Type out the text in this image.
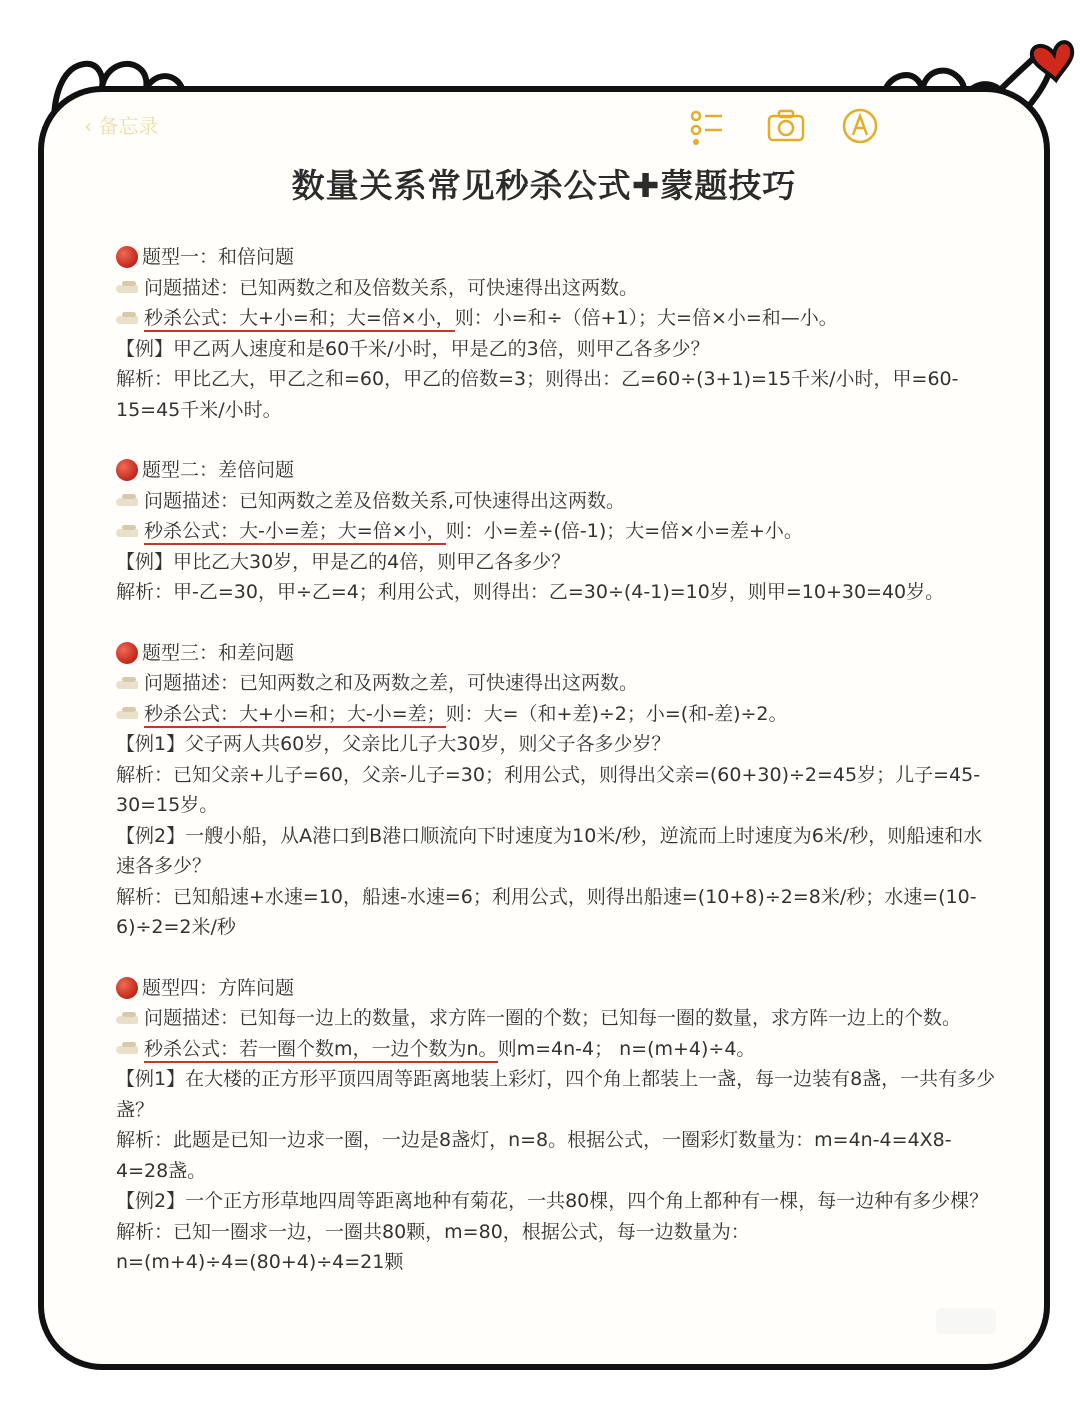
‹ 备忘录
数量关系常见秒杀公式✚蒙题技巧

题型一：和倍问题

问题描述：已知两数之和及倍数关系，可快速得出这两数。

秒杀公式：大+小=和；大=倍×小，则：小=和÷（倍+1）；大=倍×小=和—小。

【例】甲乙两人速度和是60千米/小时，甲是乙的3倍，则甲乙各多少？

解析：甲比乙大，甲乙之和=60，甲乙的倍数=3；则得出：乙=60÷(3+1)=15千米/小时，甲=60-15=45千米/小时。

题型二：差倍问题

问题描述：已知两数之差及倍数关系,可快速得出这两数。

秒杀公式：大-小=差；大=倍×小，则：小=差÷(倍-1)；大=倍×小=差+小。

【例】甲比乙大30岁，甲是乙的4倍，则甲乙各多少？

解析：甲-乙=30，甲÷乙=4；利用公式，则得出：乙=30÷(4-1)=10岁，则甲=10+30=40岁。

题型三：和差问题

问题描述：已知两数之和及两数之差，可快速得出这两数。

秒杀公式：大+小=和；大-小=差；则：大=（和+差)÷2；小=(和-差)÷2。

【例1】父子两人共60岁，父亲比儿子大30岁，则父子各多少岁？

解析：已知父亲+儿子=60，父亲-儿子=30；利用公式，则得出父亲=(60+30)÷2=45岁；儿子=45-30=15岁。

【例2】一艘小船，从A港口到B港口顺流向下时速度为10米/秒，逆流而上时速度为6米/秒，则船速和水速各多少？

解析：已知船速+水速=10，船速-水速=6；利用公式，则得出船速=(10+8)÷2=8米/秒；水速=(10-6)÷2=2米/秒

题型四：方阵问题

问题描述：已知每一边上的数量，求方阵一圈的个数；已知每一圈的数量，求方阵一边上的个数。

秒杀公式：若一圈个数m，一边个数为n。则m=4n-4； n=(m+4)÷4。

【例1】在大楼的正方形平顶四周等距离地装上彩灯，四个角上都装上一盏，每一边装有8盏，一共有多少盏？

解析：此题是已知一边求一圈，一边是8盏灯，n=8。根据公式，一圈彩灯数量为：m=4n-4=4X8-4=28盏。

【例2】一个正方形草地四周等距离地种有菊花，一共80棵，四个角上都种有一棵，每一边种有多少棵？

解析：已知一圈求一边，一圈共80颗，m=80，根据公式，每一边数量为：

n=(m+4)÷4=(80+4)÷4=21颗
